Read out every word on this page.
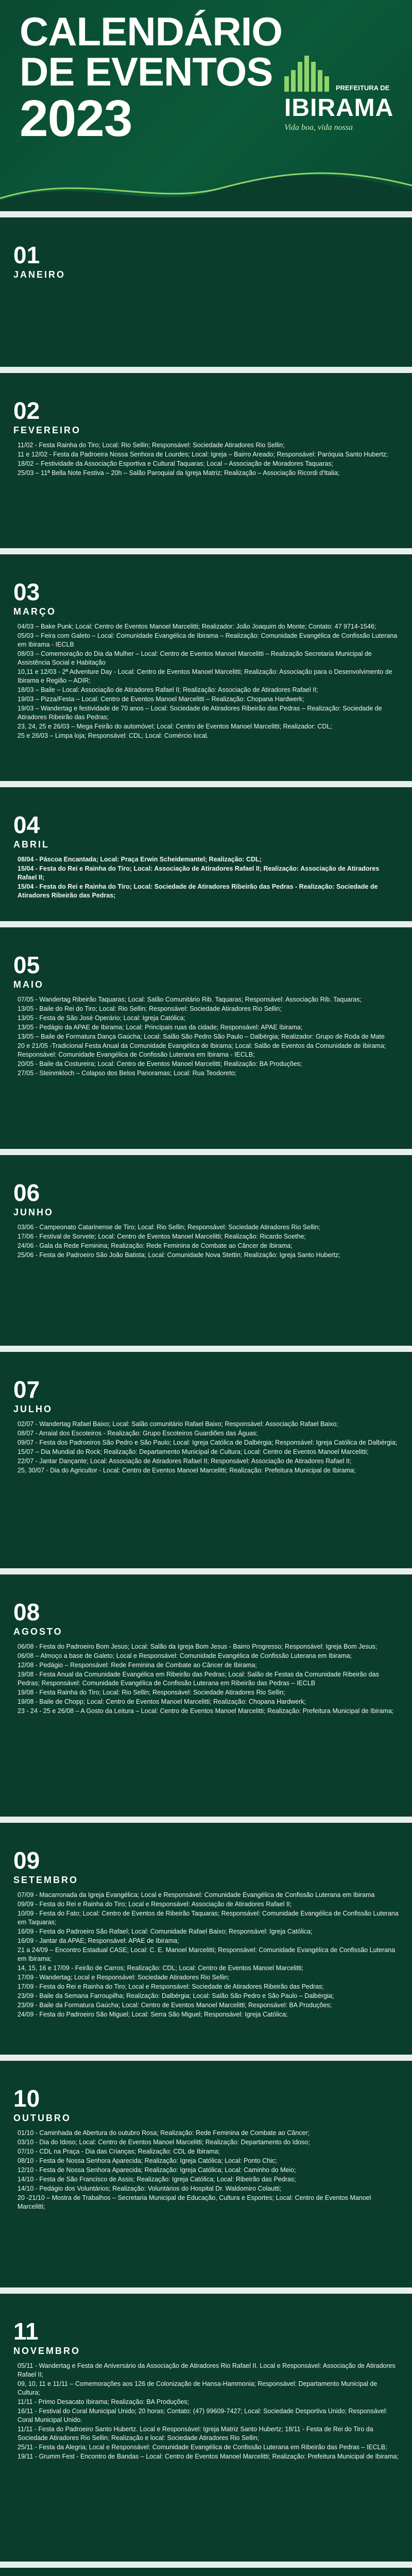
CALENDÁRIO
DE EVENTOS
2023
PREFEITURA DE
IBIRAMA
Vida boa, vida nossa
01
JANEIRO
02
FEVEREIRO

11/02 - Festa Rainha do Tiro; Local: Rio Sellin; Responsável: Sociedade Atiradores Rio Sellin;

11 e 12/02 - Festa da Padroeira Nossa Senhora de Lourdes; Local: Igreja – Bairro Areado; Responsável: Paróquia Santo Hubertz;

18/02 – Festividade da Associação Esportiva e Cultural Taquaras; Local – Associação de Moradores Taquaras;

25/03 – 11ª Bella Note Festiva – 20h – Salão Paroquial da Igreja Matriz; Realização – Associação Ricordi d'Italia;

03
MARÇO

04/03 – Bake Punk; Local: Centro de Eventos Manoel Marcelitti; Realizador: João Joaquim do Monte; Contato: 47 9714-1546;

05/03 – Feira com Galeto – Local: Comunidade Evangélica de Ibirama – Realização: Comunidade Evangélica de Confissão Luterana em Ibirama - IECLB

08/03 – Comemoração do Dia da Mulher – Local: Centro de Eventos Manoel Marcelitti – Realização Secretaria Municipal de Assistência Social e Habitação

10,11 e 12/03 - 2ª Adventure Day - Local: Centro de Eventos Manoel Marcelitti; Realização: Associação para o Desenvolvimento de Ibirama e Região – ADIR;

18/03 – Baile – Local: Associação de Atiradores Rafael II; Realização: Associação de Atiradores Rafael II;

19/03 – Pizza/Festa – Local: Centro de Eventos Manoel Marcelitti – Realização: Chopana Hardwerk;

19/03 – Wandertag e festividade de 70 anos – Local: Sociedade de Atiradores Ribeirão das Pedras – Realização: Sociedade de Atiradores Ribeirão das Pedras;

23, 24, 25 e 26/03 – Mega Feirão do automóvel; Local: Centro de Eventos Manoel Marcelitti; Realizador: CDL;

25 e 26/03 – Limpa loja; Responsável: CDL; Local: Comércio local.

04
ABRIL

08/04 - Páscoa Encantada; Local: Praça Erwin Scheidemantel; Realização: CDL;

15/04 - Festa do Rei e Rainha do Tiro; Local: Associação de Atiradores Rafael II; Realização: Associação de Atiradores Rafael II;

15/04 - Festa do Rei e Rainha do Tiro; Local: Sociedade de Atiradores Ribeirão das Pedras - Realização: Sociedade de Atiradores Ribeirão das Pedras;

05
MAIO

07/05 - Wandertag Ribeirão Taquaras; Local: Salão Comunitário Rib. Taquaras; Responsável: Associação Rib. Taquaras;

13/05 - Baile do Rei do Tiro; Local: Rio Sellin; Responsável: Sociedade Atiradores Rio Sellin;

13/05 - Festa de São José Operário; Local: Igreja Católica;

13/05 - Pedágio da APAE de Ibirama; Local: Principais ruas da cidade; Responsável: APAE Ibirama;

13/05 – Baile de Formatura Dança Gaúcha; Local: Salão São Pedro São Paulo – Dalbérgia; Realizador: Grupo de Roda de Mate

20 e 21/05 -Tradicional Festa Anual da Comunidade Evangélica de Ibirama; Local: Salão de Eventos da Comunidade de Ibirama; Responsável: Comunidade Evangélica de Confissão Luterana em Ibirama - IECLB;

20/05 - Baile da Costureira; Local: Centro de Eventos Manoel Marcelitti; Realização: BA Produções;

27/05 - Steinmkloch – Colapso dos Belos Panoramas; Local: Rua Teodoreto;

06
JUNHO

03/06 - Campeonato Catarinense de Tiro; Local: Rio Sellin; Responsável: Sociedade Atiradores Rio Sellin;

17/06 - Festival de Sorvete; Local: Centro de Eventos Manoel Marcelitti; Realização: Ricardo Soethe;

24/06 - Gala da Rede Feminina; Realização: Rede Feminina de Combate ao Câncer de Ibirama;

25/06 - Festa de Padroeiro São João Batista; Local: Comunidade Nova Stettin; Realização: Igreja Santo Hubertz;

07
JULHO

02/07 - Wandertag Rafael Baixo; Local: Salão comunitário Rafael Baixo; Responsável: Associação Rafael Baixo;

08/07 - Arraial dos Escoteiros - Realização: Grupo Escoteiros Guardiões das Águas;

09/07 - Festa dos Padroeiros São Pedro e São Paulo; Local: Igreja Católica de Dalbérgia; Responsável: Igreja Católica de Dalbérgia;

15/07 – Dia Mundial do Rock; Realização: Departamento Municipal de Cultura; Local: Centro de Eventos Manoel Marcelitti;

22/07 - Jantar Dançante; Local: Associação de Atiradores Rafael II; Responsável: Associação de Atiradores Rafael II;

25, 30/07 - Dia do Agricultor - Local: Centro de Eventos Manoel Marcelitti; Realização: Prefeitura Municipal de Ibirama;

08
AGOSTO

06/08 - Festa do Padroeiro Bom Jesus; Local: Salão da Igreja Bom Jesus - Bairro Progresso; Responsável: Igreja Bom Jesus;

06/08 – Almoço a base de Galeto; Local e Responsável: Comunidade Evangélica de Confissão Luterana em Ibirama;

12/08 - Pedágio – Responsável: Rede Feminina de Combate ao Câncer de Ibirama;

19/08 - Festa Anual da Comunidade Evangélica em Ribeirão das Pedras; Local: Salão de Festas da Comunidade Ribeirão das Pedras; Responsável: Comunidade Evangélica de Confissão Luterana em Ribeirão das Pedras – IECLB

19/08 - Festa Rainha do Tiro; Local: Rio Sellin; Responsável: Sociedade Atiradores Rio Sellin;

19/08 - Baile de Chopp; Local: Centro de Eventos Manoel Marcelitti; Realização: Chopana Hardwerk;

23 - 24 - 25 e 26/08 – A Gosto da Leitura – Local: Centro de Eventos Manoel Marcelitti; Realização: Prefeitura Municipal de Ibirama;

09
SETEMBRO

07/09 - Macarronada da Igreja Evangélica; Local e Responsável: Comunidade Evangélica de Confissão Luterana em Ibirama

09/09 - Festa do Rei e Rainha do Tiro; Local e Responsável: Associação de Atiradores Rafael II;

10/09 - Festa do Fato; Local: Centro de Eventos de Ribeirão Taquaras; Responsável: Comunidade Evangélica de Confissão Luterana em Taquaras;

16/09 - Festa do Padroeiro São Rafael; Local: Comunidade Rafael Baixo; Responsável: Igreja Católica;

16/09 - Jantar da APAE; Responsável: APAE de Ibirama;

21 a 24/09 – Encontro Estadual CASE; Local: C. E. Manoel Marcelitti; Responsável: Comunidade Evangélica de Confissão Luterana em Ibirama;

14, 15, 16 e 17/09 - Feirão de Carros; Realização: CDL; Local: Centro de Eventos Manoel Marcelitti;

17/09 - Wandertag; Local e Responsável: Sociedade Atiradores Rio Sellin;

17/09 - Festa do Rei e Rainha do Tiro; Local e Responsável: Sociedade de Atiradores Ribeirão das Pedras;

23/09 - Baile da Semana Farroupilha; Realização: Dalbérgia; Local: Salão São Pedro e São Paulo – Dalbérgia;

23/09 - Baile da Formatura Gaúcha; Local: Centro de Eventos Manoel Marcelitti; Responsável: BA Produções;

24/09 - Festa do Padroeiro São Miguel; Local: Serra São Miguel; Responsável: Igreja Católica;

10
OUTUBRO

01/10 - Caminhada de Abertura do outubro Rosa; Realização: Rede Feminina de Combate ao Câncer;

03/10 - Dia do Idoso; Local: Centro de Eventos Manoel Marcelitti; Realização: Departamento do Idoso;

07/10 - CDL na Praça - Dia das Crianças; Realização: CDL de Ibirama;

08/10 - Festa de Nossa Senhora Aparecida; Realização: Igreja Católica; Local: Ponto Chic;

12/10 - Festa de Nossa Senhora Aparecida; Realização: Igreja Católica; Local: Caminho do Meio;

14/10 - Festa de São Francisco de Assis; Realização: Igreja Católica; Local: Ribeirão das Pedras;

14/10 - Pedágio dos Voluntários; Realização: Voluntários do Hospital Dr. Waldomiro Colautti;

20 -21/10 – Mostra de Trabalhos – Secretaria Municipal de Educação, Cultura e Esportes; Local: Centro de Eventos Manoel Marcelitti;

11
NOVEMBRO

05/11 - Wandertag e Festa de Aniversário da Associação de Atiradores Rio Rafael II. Local e Responsável: Associação de Atiradores Rafael II;

09, 10, 11 e 11/11 – Comemorações aos 126 de Colonização de Hansa-Hammonia; Responsável: Departamento Municipal de Cultura;

11/11 - Primo Desacato Ibirama; Realização: BA Produções;

16/11 - Festival do Coral Municipal Unido; 20 horas; Contato: (47) 99609-7427; Local: Sociedade Desportiva Unido; Responsável: Coral Municipal Unido.

11/11 - Festa do Padroeiro Santo Hubertz. Local e Responsável: Igreja Matriz Santo Hubertz; 18/11 - Festa de Rei do Tiro da Sociedade Atiradores Rio Sellin; Realização e local: Sociedade Atiradores Rio Sellin;

25/11 - Festa da Alegria; Local e Responsável: Comunidade Evangélica de Confissão Luterana em Ribeirão das Pedras – IECLB;

19/11 - Grumm Fest - Encontro de Bandas – Local: Centro de Eventos Manoel Marcelitti; Realização: Prefeitura Municipal de Ibirama;
